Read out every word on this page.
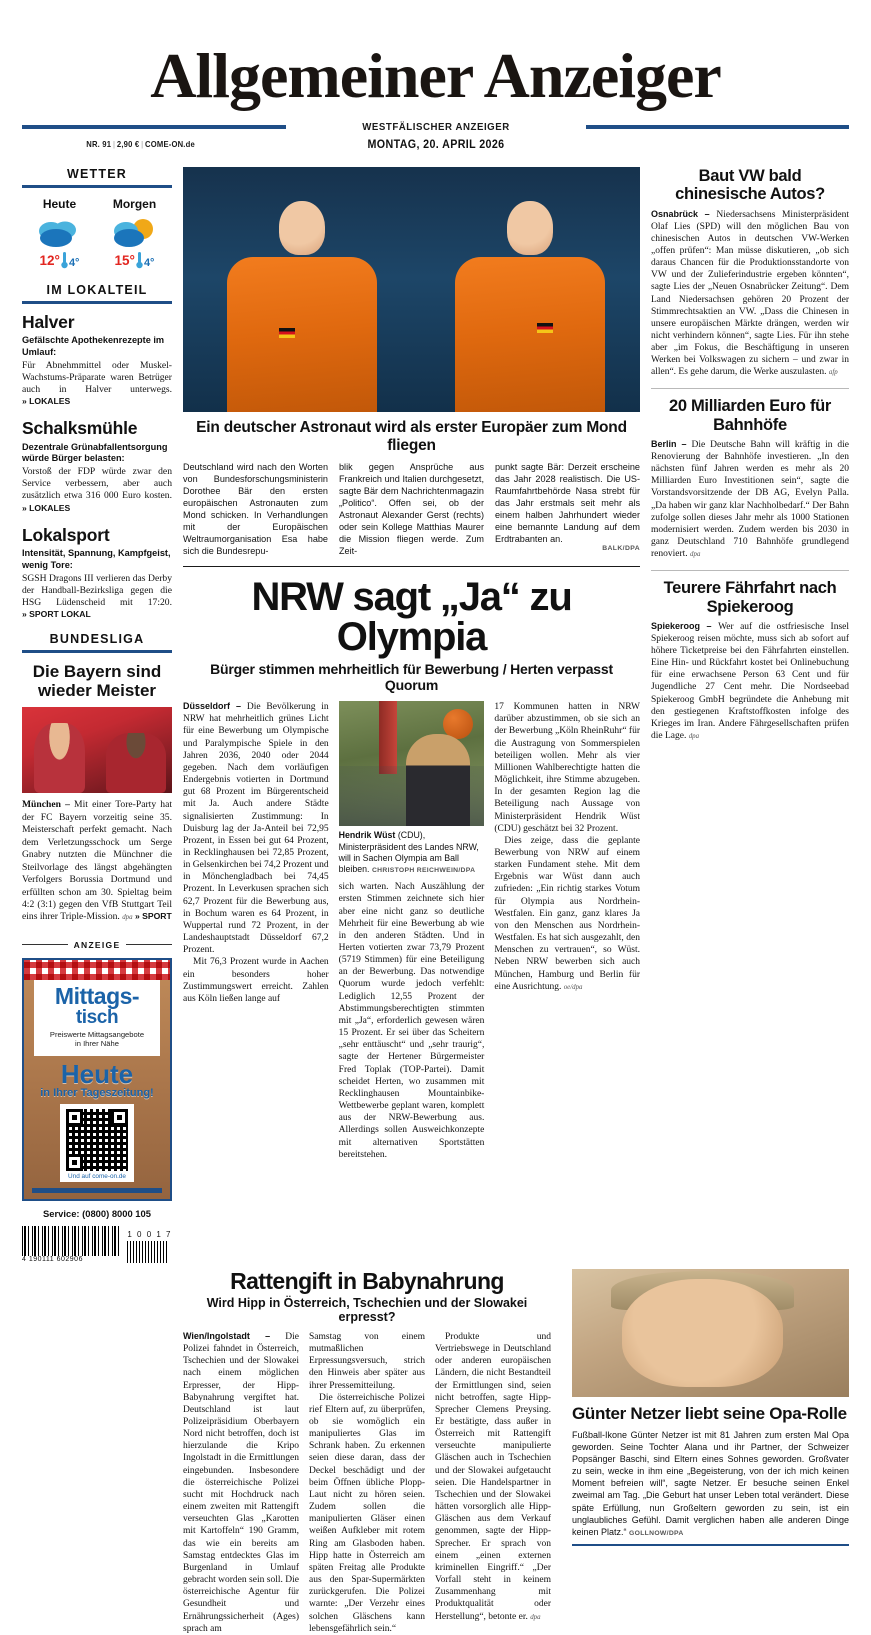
Allgemeiner Anzeiger
WESTFÄLISCHER ANZEIGER
NR. 91 | 2,90 € | COME-ON.de	MONTAG, 20. APRIL 2026
WETTER
Heute
12° 4°
Morgen
15° 4°
IM LOKALTEIL
Halver
Gefälschte Apothekenrezepte im Umlauf:
Für Abnehmmittel oder Muskel-Wachstums-Präparate waren Betrüger auch in Halver unterwegs. » LOKALES
Schalksmühle
Dezentrale Grünabfallentsorgung würde Bürger belasten:
Vorstoß der FDP würde zwar den Service verbessern, aber auch zusätzlich etwa 316 000 Euro kosten. » LOKALES
Lokalsport
Intensität, Spannung, Kampfgeist, wenig Tore:
SGSH Dragons III verlieren das Derby der Handball-Bezirksliga gegen die HSG Lüdenscheid mit 17:20. » SPORT LOKAL
BUNDESLIGA
Die Bayern sind wieder Meister
München – Mit einer Tore-Party hat der FC Bayern vorzeitig seine 35. Meisterschaft perfekt gemacht. Nach dem Verletzungsschock um Serge Gnabry nutzten die Münchner die Steilvorlage des längst abgehängten Verfolgers Borussia Dortmund und erfüllten schon am 30. Spieltag beim 4:2 (3:1) gegen den VfB Stuttgart Teil eins ihrer Triple-Mission. dpa » SPORT
ANZEIGE
Mittags-
tisch
Preiswerte Mittagsangebote
in Ihrer Nähe
Heute
in Ihrer Tageszeitung!
Und auf come-on.de
Service: (0800) 8000 105
4 190111 602906
1 0 0 1 7
Ein deutscher Astronaut wird als erster Europäer zum Mond fliegen
Deutschland wird nach den Worten von Bundesforschungsministerin Dorothee Bär den ersten europäischen Astronauten zum Mond schicken. In Verhandlungen mit der Europäischen Weltraumorganisation Esa habe sich die Bundesrepu-
blik gegen Ansprüche aus Frankreich und Italien durchgesetzt, sagte Bär dem Nachrichtenmagazin „Politico“. Offen sei, ob der Astronaut Alexander Gerst (rechts) oder sein Kollege Matthias Maurer die Mission fliegen werde. Zum Zeit-
punkt sagte Bär: Derzeit erscheine das Jahr 2028 realistisch. Die US-Raumfahrtbehörde Nasa strebt für das Jahr erstmals seit mehr als einem halben Jahrhundert wieder eine bemannte Landung auf dem Erdtrabanten an.
BALK/DPA
NRW sagt „Ja“ zu Olympia
Bürger stimmen mehrheitlich für Bewerbung / Herten verpasst Quorum
Düsseldorf – Die Bevölkerung in NRW hat mehrheitlich grünes Licht für eine Bewerbung um Olympische und Paralympische Spiele in den Jahren 2036, 2040 oder 2044 gegeben. Nach dem vorläufigen Endergebnis votierten in Dortmund gut 68 Prozent im Bürgerentscheid mit Ja. Auch andere Städte signalisierten Zustimmung: In Duisburg lag der Ja-Anteil bei 72,95 Prozent, in Essen bei gut 64 Prozent, in Recklinghausen bei 72,85 Prozent, in Gelsenkirchen bei 74,2 Prozent und in Mönchengladbach bei 74,45 Prozent. In Leverkusen sprachen sich 62,7 Prozent für die Bewerbung aus, in Bochum waren es 64 Prozent, in Wuppertal rund 72 Prozent, in der Landeshauptstadt Düsseldorf 67,2 Prozent.
Mit 76,3 Prozent wurde in Aachen ein besonders hoher Zustimmungswert erreicht. Zahlen aus Köln ließen lange auf
Hendrik Wüst (CDU), Ministerpräsident des Landes NRW, will in Sachen Olympia am Ball bleiben. CHRISTOPH REICHWEIN/DPA
sich warten. Nach Auszählung der ersten Stimmen zeichnete sich hier aber eine nicht ganz so deutliche Mehrheit für eine Bewerbung ab wie in den anderen Städten. Und in Herten votierten zwar 73,79 Prozent (5719 Stimmen) für eine Beteiligung an der Bewerbung. Das notwendige Quorum wurde jedoch verfehlt: Lediglich 12,55 Prozent der Abstimmungsberechtigten stimmten mit „Ja“, erforderlich gewesen wären 15 Prozent. Er sei über das Scheitern „sehr enttäuscht“ und „sehr traurig“, sagte der Hertener Bürgermeister Fred Toplak (TOP-Partei). Damit scheidet Herten, wo zusammen mit Recklinghausen Mountainbike-Wettbewerbe geplant waren, komplett aus der NRW-Bewerbung aus. Allerdings sollen Ausweichkonzepte mit alternativen Sportstätten bereitstehen.
17 Kommunen hatten in NRW darüber abzustimmen, ob sie sich an der Bewerbung „Köln RheinRuhr“ für die Austragung von Sommerspielen beteiligen wollen. Mehr als vier Millionen Wahlberechtigte hatten die Möglichkeit, ihre Stimme abzugeben. In der gesamten Region lag die Beteiligung nach Aussage von Ministerpräsident Hendrik Wüst (CDU) geschätzt bei 32 Prozent.
Dies zeige, dass die geplante Bewerbung von NRW auf einem starken Fundament stehe. Mit dem Ergebnis war Wüst dann auch zufrieden: „Ein richtig starkes Votum für Olympia aus Nordrhein-Westfalen. Ein ganz, ganz klares Ja von den Menschen aus Nordrhein-Westfalen. Es hat sich ausgezahlt, den Menschen zu vertrauen“, so Wüst. Neben NRW bewerben sich auch München, Hamburg und Berlin für eine Ausrichtung. oe/dpa
Baut VW bald chinesische Autos?
Osnabrück – Niedersachsens Ministerpräsident Olaf Lies (SPD) will den möglichen Bau von chinesischen Autos in deutschen VW-Werken „offen prüfen“: Man müsse diskutieren, „ob sich daraus Chancen für die Produktionsstandorte von VW und der Zulieferindustrie ergeben könnten“, sagte Lies der „Neuen Osnabrücker Zeitung“. Dem Land Niedersachsen gehören 20 Prozent der Stimmrechtsaktien an VW. „Dass die Chinesen in unsere europäischen Märkte drängen, werden wir nicht verhindern können“, sagte Lies. Für ihn stehe aber „im Fokus, die Beschäftigung in unseren Werken bei Volkswagen zu sichern – und zwar in allen“. Es gehe darum, die Werke auszulasten. afp
20 Milliarden Euro für Bahnhöfe
Berlin – Die Deutsche Bahn will kräftig in die Renovierung der Bahnhöfe investieren. „In den nächsten fünf Jahren werden es mehr als 20 Milliarden Euro Investitionen sein“, sagte die Vorstandsvorsitzende der DB AG, Evelyn Palla. „Da haben wir ganz klar Nachholbedarf.“ Der Bahn zufolge sollen dieses Jahr mehr als 1000 Stationen modernisiert werden. Zudem werden bis 2030 in ganz Deutschland 710 Bahnhöfe grundlegend renoviert. dpa
Teurere Fährfahrt nach Spiekeroog
Spiekeroog – Wer auf die ostfriesische Insel Spiekeroog reisen möchte, muss sich ab sofort auf höhere Ticketpreise bei den Fährfahrten einstellen. Eine Hin- und Rückfahrt kostet bei Onlinebuchung für eine erwachsene Person 63 Cent und für Jugendliche 27 Cent mehr. Die Nordseebad Spiekeroog GmbH begründete die Anhebung mit den gestiegenen Kraftstoffkosten infolge des Krieges im Iran. Andere Fährgesellschaften prüfen die Lage. dpa
Rattengift in Babynahrung
Wird Hipp in Österreich, Tschechien und der Slowakei erpresst?
Wien/Ingolstadt – Die Polizei fahndet in Österreich, Tschechien und der Slowakei nach einem möglichen Erpresser, der Hipp-Babynahrung vergiftet hat. Deutschland ist laut Polizeipräsidium Oberbayern Nord nicht betroffen, doch ist hierzulande die Kripo Ingolstadt in die Ermittlungen eingebunden. Insbesondere die österreichische Polizei sucht mit Hochdruck nach einem zweiten mit Rattengift verseuchten Glas „Karotten mit Kartoffeln“ 190 Gramm, das wie ein bereits am Samstag entdecktes Glas im Burgenland in Umlauf gebracht worden sein soll. Die österreichische Agentur für Gesundheit und Ernährungssicherheit (Ages) sprach am
Samstag von einem mutmaßlichen Erpressungsversuch, strich den Hinweis aber später aus ihrer Pressemitteilung.
Die österreichische Polizei rief Eltern auf, zu überprüfen, ob sie womöglich ein manipuliertes Glas im Schrank haben. Zu erkennen seien diese daran, dass der Deckel beschädigt und der beim Öffnen übliche Plopp-Laut nicht zu hören seien. Zudem sollen die manipulierten Gläser einen weißen Aufkleber mit rotem Ring am Glasboden haben. Hipp hatte in Österreich am späten Freitag alle Produkte aus den Spar-Supermärkten zurückgerufen. Die Polizei warnte: „Der Verzehr eines solchen Gläschens kann lebensgefährlich sein.“
Produkte und Vertriebswege in Deutschland oder anderen europäischen Ländern, die nicht Bestandteil der Ermittlungen sind, seien nicht betroffen, sagte Hipp-Sprecher Clemens Preysing. Er bestätigte, dass außer in Österreich mit Rattengift verseuchte manipulierte Gläschen auch in Tschechien und der Slowakei aufgetaucht seien. Die Handelspartner in Tschechien und der Slowakei hätten vorsorglich alle Hipp-Gläschen aus dem Verkauf genommen, sagte der Hipp-Sprecher. Er sprach von einem „einen externen kriminellen Eingriff.“ „Der Vorfall steht in keinem Zusammenhang mit Produktqualität oder Herstellung“, betonte er. dpa
Günter Netzer liebt seine Opa-Rolle
Fußball-Ikone Günter Netzer ist mit 81 Jahren zum ersten Mal Opa geworden. Seine Tochter Alana und ihr Partner, der Schweizer Popsänger Baschi, sind Eltern eines Sohnes geworden. Großvater zu sein, wecke in ihm eine „Begeisterung, von der ich mich keinen Moment befreien will“, sagte Netzer. Er besuche seinen Enkel zweimal am Tag. „Die Geburt hat unser Leben total verändert. Diese späte Erfüllung, nun Großeltern geworden zu sein, ist ein unglaubliches Gefühl. Damit verglichen haben alle anderen Dinge keinen Platz.“ GOLLNOW/DPA
